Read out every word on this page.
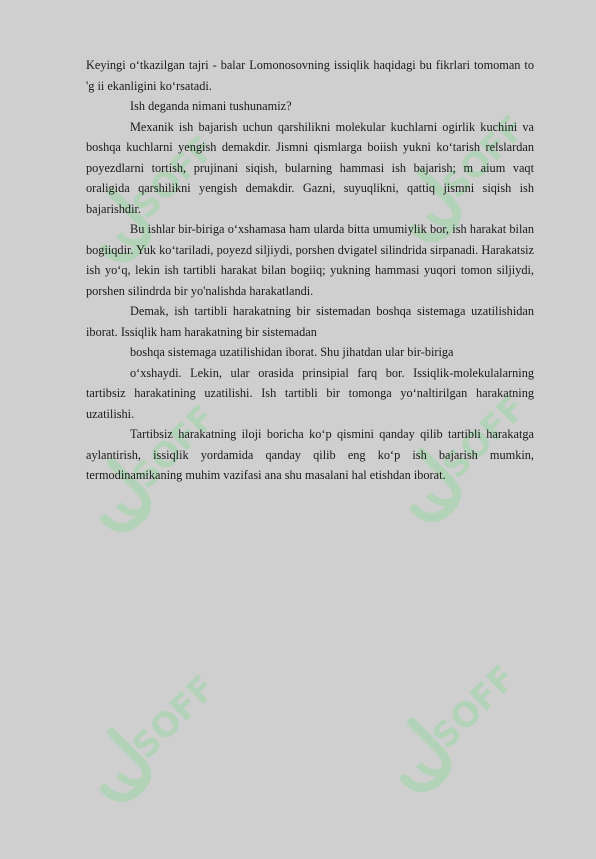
SOFF	SOFF
SOFF	SOFF
SOFF	SOFF

Keyingi o‘tkazilgan tajri - balar Lomonosovning issiqlik haqidagi bu fikrlari tomoman to 'g ii ekanligini ko‘rsatadi.

Ish deganda nimani tushunamiz?

Mexanik ish bajarish uchun qarshilikni molekular kuchlarni ogirlik kuchini va boshqa kuchlarni yengish demakdir. Jismni qismlarga boiish yukni ko‘tarish relslardan poyezdlarni tortish, prujinani siqish, bularning hammasi ish bajarish; m aium vaqt oraligida qarshilikni yengish demakdir. Gazni, suyuqlikni, qattiq jismni siqish ish bajarishdir.

Bu ishlar bir-biriga o‘xshamasa ham ularda bitta umumiylik bor, ish harakat bilan bogiiqdir. Yuk ko‘tariladi, poyezd siljiydi, porshen dvigatel silindrida sirpanadi. Harakatsiz ish yo‘q, lekin ish tartibli harakat bilan bogiiq; yukning hammasi yuqori tomon siljiydi, porshen silindrda bir yo'nalishda harakatlandi.

Demak, ish tartibli harakatning bir sistemadan boshqa sistemaga uzatilishidan iborat. Issiqlik ham harakatning bir sistemadan

boshqa sistemaga uzatilishidan iborat. Shu jihatdan ular bir-biriga

o‘xshaydi. Lekin, ular orasida prinsipial farq bor. Issiqlik-molekulalarning tartibsiz harakatining uzatilishi. Ish tartibli bir tomonga yo‘naltirilgan harakatning uzatilishi.

Tartibsiz harakatning iloji boricha ko‘p qismini qanday qilib tartibli harakatga aylantirish, issiqlik yordamida qanday qilib eng ko‘p ish bajarish mumkin, termodinamikaning muhim vazifasi ana shu masalani hal etishdan iborat.
